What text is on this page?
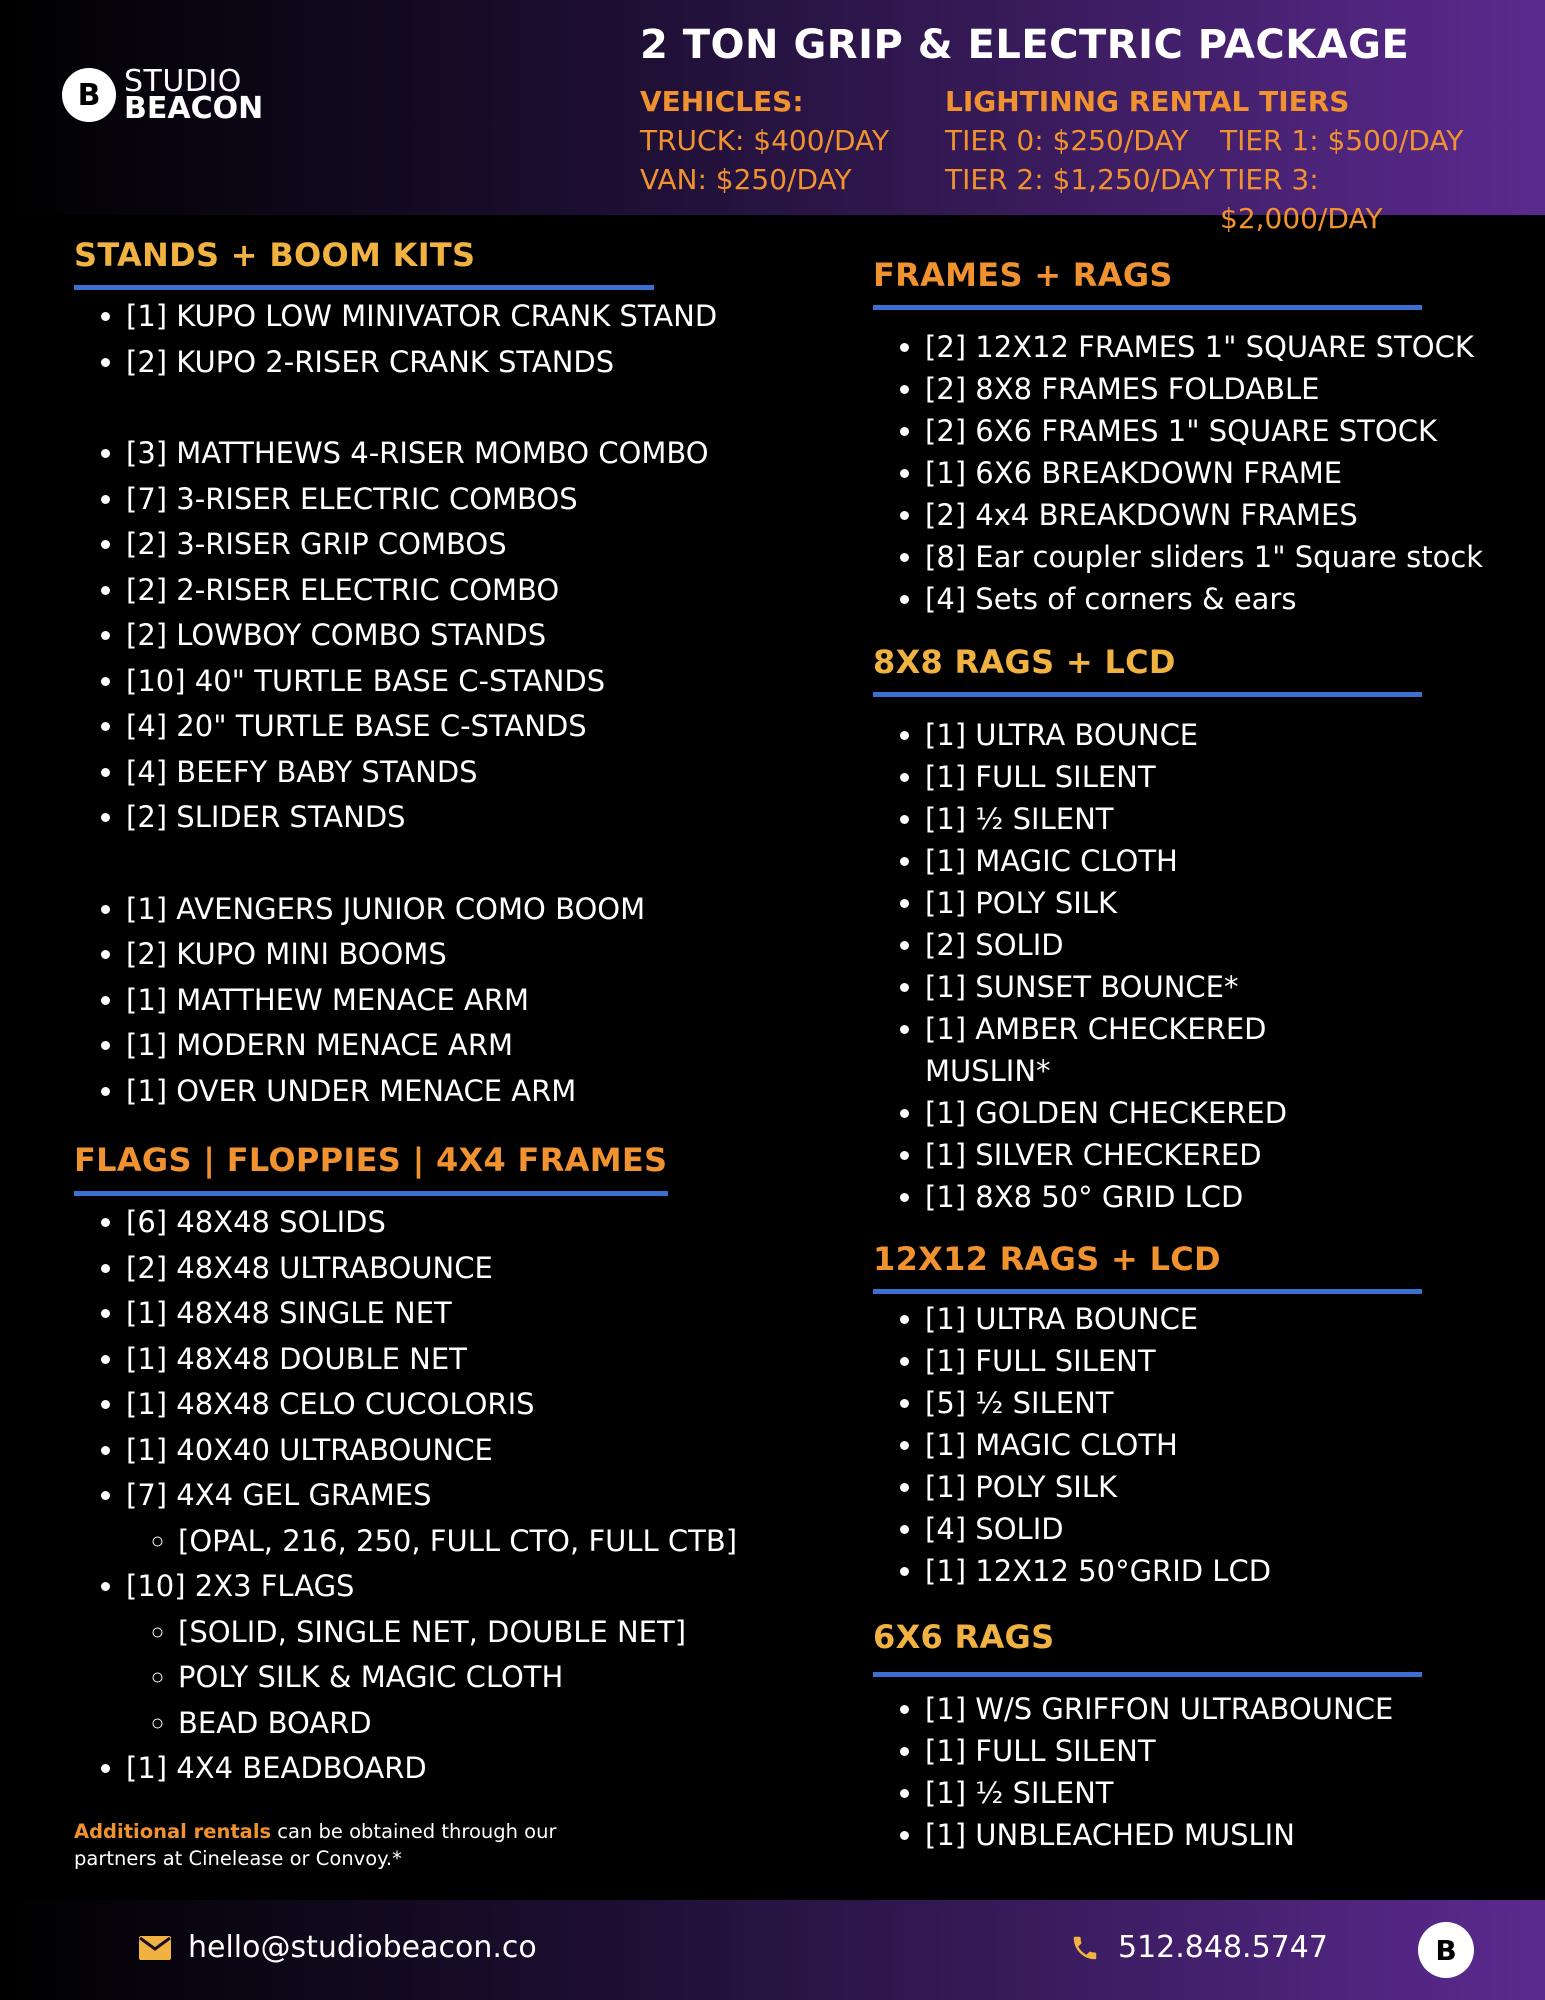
B STUDIO
BEACON
2 TON GRIP & ELECTRIC PACKAGE
VEHICLES:
TRUCK: $400/DAY
VAN: $250/DAY
LIGHTINNG RENTAL TIERS
TIER 0: $250/DAY	TIER 1: $500/DAY
TIER 2: $1,250/DAY TIER 3: $2,000/DAY
STANDS + BOOM KITS
• [1] KUPO LOW MINIVATOR CRANK STAND
• [2] KUPO 2-RISER CRANK STANDS
• [3] MATTHEWS 4-RISER MOMBO COMBO
• [7] 3-RISER ELECTRIC COMBOS
• [2] 3-RISER GRIP COMBOS
• [2] 2-RISER ELECTRIC COMBO
• [2] LOWBOY COMBO STANDS
• [10] 40" TURTLE BASE C-STANDS
• [4] 20" TURTLE BASE C-STANDS
• [4] BEEFY BABY STANDS
• [2] SLIDER STANDS
• [1] AVENGERS JUNIOR COMO BOOM
• [2] KUPO MINI BOOMS
• [1] MATTHEW MENACE ARM
• [1] MODERN MENACE ARM
• [1] OVER UNDER MENACE ARM
FLAGS | FLOPPIES | 4X4 FRAMES
• [6] 48X48 SOLIDS
• [2] 48X48 ULTRABOUNCE
• [1] 48X48 SINGLE NET
• [1] 48X48 DOUBLE NET
• [1] 48X48 CELO CUCOLORIS
• [1] 40X40 ULTRABOUNCE
• [7] 4X4 GEL GRAMES
◦ [OPAL, 216, 250, FULL CTO, FULL CTB]
• [10] 2X3 FLAGS
◦ [SOLID, SINGLE NET, DOUBLE NET]
◦ POLY SILK & MAGIC CLOTH
◦ BEAD BOARD
• [1] 4X4 BEADBOARD
Additional rentals can be obtained through our partners at Cinelease or Convoy.*
FRAMES + RAGS
• [2] 12X12 FRAMES 1" SQUARE STOCK
• [2] 8X8 FRAMES FOLDABLE
• [2] 6X6 FRAMES 1" SQUARE STOCK
• [1] 6X6 BREAKDOWN FRAME
• [2] 4x4 BREAKDOWN FRAMES
• [8] Ear coupler sliders 1" Square stock
• [4] Sets of corners & ears
8X8 RAGS + LCD
• [1] ULTRA BOUNCE
• [1] FULL SILENT
• [1] ½ SILENT
• [1] MAGIC CLOTH
• [1] POLY SILK
• [2] SOLID
• [1] SUNSET BOUNCE*
• [1] AMBER CHECKERED
MUSLIN*
• [1] GOLDEN CHECKERED
• [1] SILVER CHECKERED
• [1] 8X8 50° GRID LCD
12X12 RAGS + LCD
• [1] ULTRA BOUNCE
• [1] FULL SILENT
• [5] ½ SILENT
• [1] MAGIC CLOTH
• [1] POLY SILK
• [4] SOLID
• [1] 12X12 50°GRID LCD
6X6 RAGS
• [1] W/S GRIFFON ULTRABOUNCE
• [1] FULL SILENT
• [1] ½ SILENT
• [1] UNBLEACHED MUSLIN
hello@studiobeacon.co	512.848.5747	B
